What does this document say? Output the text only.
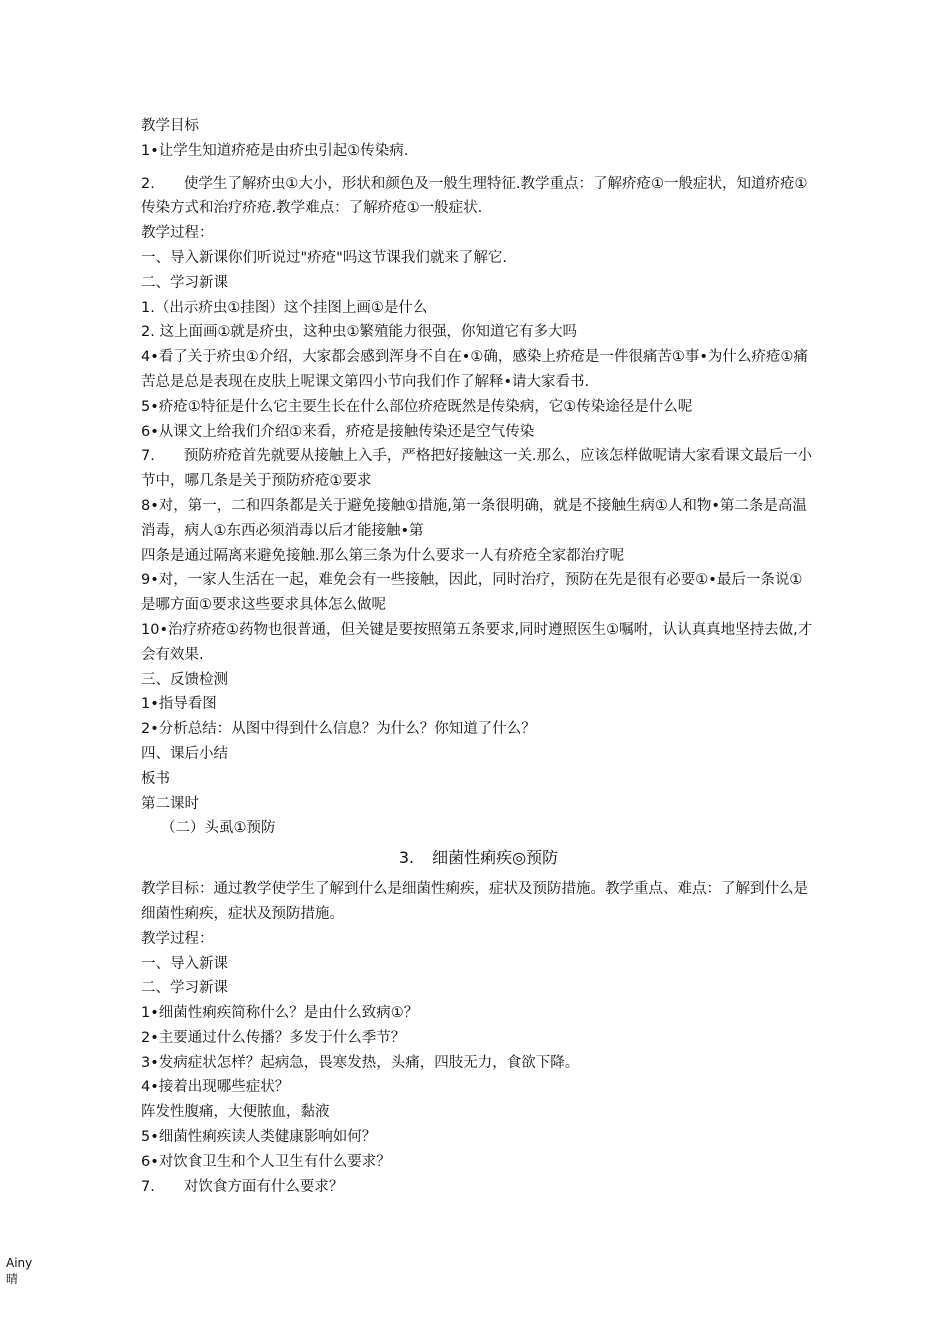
教学目标
1•让学生知道疥疮是由疥虫引起①传染病.
2.　　使学生了解疥虫①大小，形状和颜色及一般生理特征.教学重点：了解疥疮①一般症状，知道疥疮①传染方式和治疗疥疮.教学难点：了解疥疮①一般症状.
教学过程：
一、导入新课你们听说过"疥疮"吗这节课我们就来了解它.
二、学习新课
1.（出示疥虫①挂图）这个挂图上画①是什么
2. 这上面画①就是疥虫，这种虫①繁殖能力很强，你知道它有多大吗
4•看了关于疥虫①介绍，大家都会感到浑身不自在•①确，感染上疥疮是一件很痛苦①事•为什么疥疮①痛苦总是总是表现在皮肤上呢课文第四小节向我们作了解释•请大家看书.
5•疥疮①特征是什么它主要生长在什么部位疥疮既然是传染病，它①传染途径是什么呢
6•从课文上给我们介绍①来看，疥疮是接触传染还是空气传染
7.　　预防疥疮首先就要从接触上入手，严格把好接触这一关.那么，应该怎样做呢请大家看课文最后一小节中，哪几条是关于预防疥疮①要求
8•对，第一，二和四条都是关于避免接触①措施,第一条很明确，就是不接触生病①人和物•第二条是高温消毒，病人①东西必须消毒以后才能接触•第
四条是通过隔离来避免接触.那么第三条为什么要求一人有疥疮全家都治疗呢
9•对，一家人生活在一起，难免会有一些接触，因此，同时治疗，预防在先是很有必要①•最后一条说①是哪方面①要求这些要求具体怎么做呢
10•治疗疥疮①药物也很普通，但关键是要按照第五条要求,同时遵照医生①嘱咐，认认真真地坚持去做,才会有效果.
三、反馈检测
1•指导看图
2•分析总结：从图中得到什么信息？为什么？你知道了什么？
四、课后小结
板书
第二课时
（二）头虱①预防
3. 细菌性痢疾◎预防
教学目标：通过教学使学生了解到什么是细菌性痢疾，症状及预防措施。教学重点、难点：了解到什么是细菌性痢疾，症状及预防措施。
教学过程：
一、导入新课
二、学习新课
1•细菌性痢疾简称什么？是由什么致病①？
2•主要通过什么传播？多发于什么季节？
3•发病症状怎样？起病急，畏寒发热，头痛，四肢无力，食欲下降。
4•接着出现哪些症状？
阵发性腹痛，大便脓血，黏液
5•细菌性痢疾读人类健康影响如何？
6•对饮食卫生和个人卫生有什么要求？
7.　　对饮食方面有什么要求？
Ainy
晴
